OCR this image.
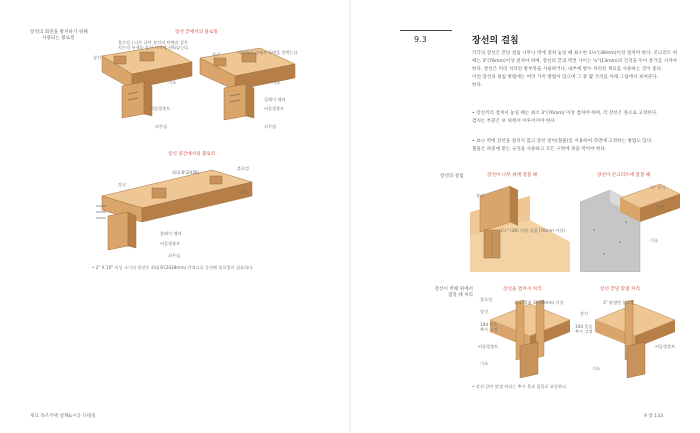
장선의 회전을 방지하기 위해
사용되는 블로킹
장선 끝에서의 블로킹
블로킹 | 다른 끝단 장선의 단면과 같은
치수의 부재를 장선 사이에 끼워넣는다.
장선
기초
커플링볼트
쇠투임
장선	커플러의 끝에서 곡면을 못박는다
기초
클레이 앵커
커플링볼트
쇠투임
장선 중간에서의 블로킹
최대 8'(2438)
블로킹
장선
기초
블레이 앵커
커플링볼트
쇠투임
• 2" X 10" 이상 크기의 장선은 최대 8'(2438mm) 간격으로 중간에 블로킹이 필요하다.
재료 목조주택 설계&시공 디테일
9.3	장선의 걸침
각각의 장선은 끝단 걸침 나무나 벽에 걸쳐 놓일 때 최소한 1½"(38mm)이상 걸쳐야 한다. 콘크리트 위
에는 3"(76mm)이상 걸쳐야 하며, 장선의 끝과 벽면 사이는 ½"(13mm)의 간격을 두어 통기를 시켜야
한다. 장선은 미리 처리된 방부목을 사용하거나, 내부에 방수 처리된 재료를 사용하는 것이 좋다.
이런 장선의 걸침 방법에는 여러 가지 방법이 있으며 그 중 몇 가지를 아래 그림에서 보여준다.
한다.
• 장선끼리 겹쳐서 놓일 때는 최소 3"(76mm) 이상 겹쳐야 하며, 각 장선은 못으로 고정한다.
겹치는 부분은 보 위에서 이루어져야 한다.
• 보나 벽에 장선을 걸치지 않고 장선 걸이(철물)를 이용하여 측면에 고정하는 방법도 있다.
철물은 하중에 맞는 규격을 사용하고 모든 구멍에 못을 박아야 한다.
장선의 걸침	장선이 나무 위에 걸칠 때
장선
1½" (38) 이상 걸침 (76mm 이상)
장선이 콘크리트에 걸칠 때
½" 통기
장선
기초
장선이 벽체 위에서
겹칠 때 처리
장선을 겹쳐서 처리
블로킹
장선
최소 겹침 3"(76mm) 이상
10d 못을
추가 고정
커플링볼트
기초
장선 끝단 맞댐 처리
3" 맞댐면 블로킹
장선
10d 못을
추가 고정
커플링볼트
기초
• 장선 끝단 맞댐 처리는 추가 못과 철물로 보강한다.
9 장 133
